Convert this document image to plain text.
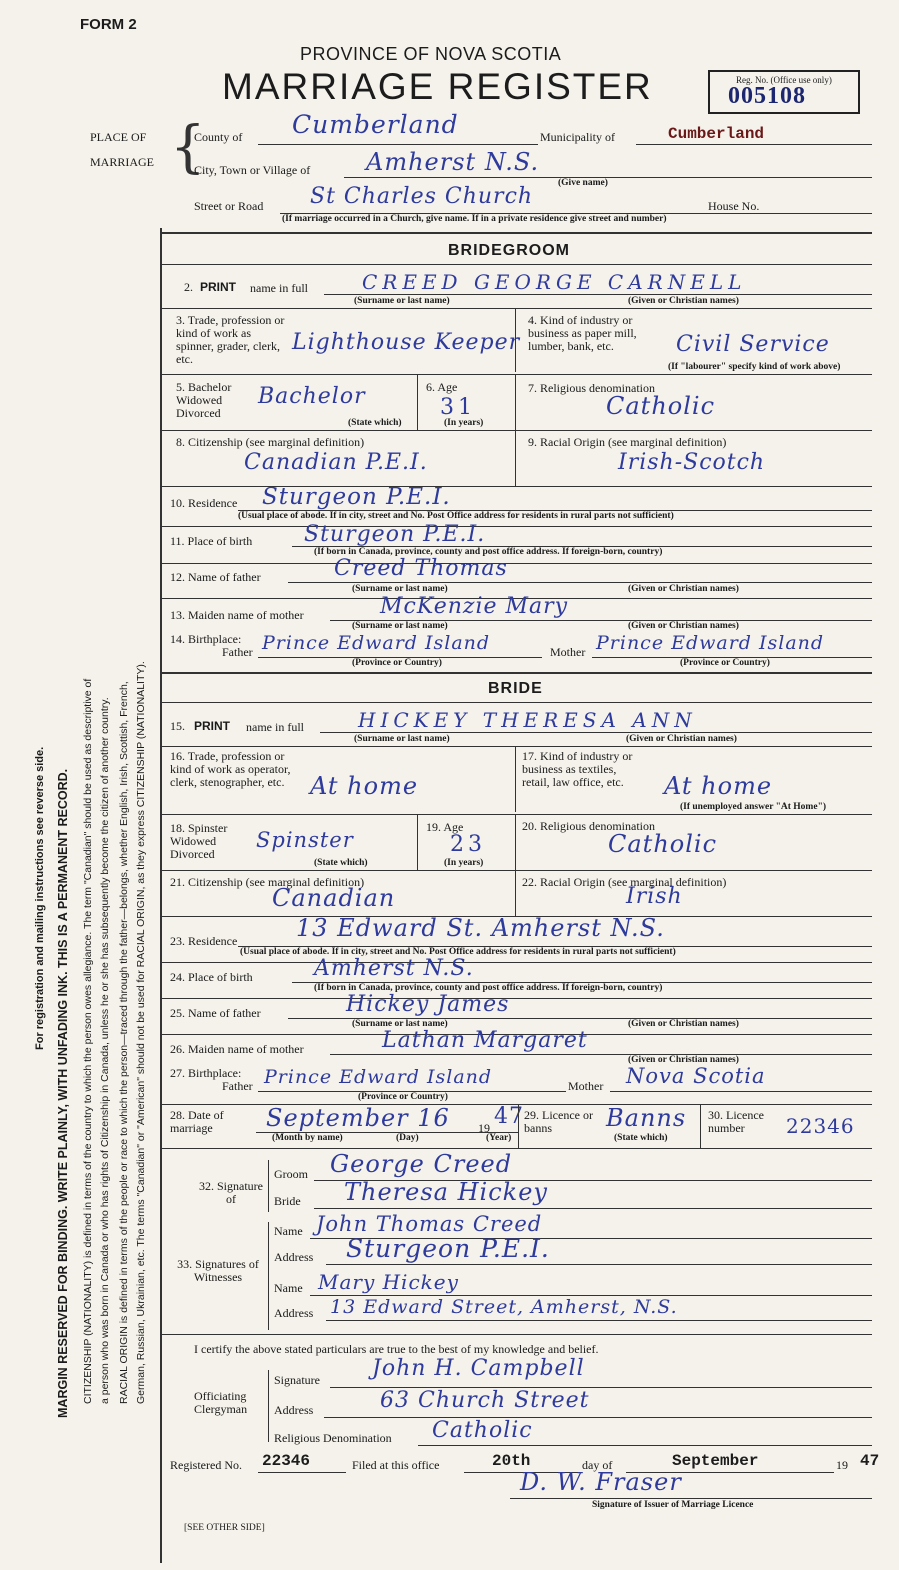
FORM 2
PROVINCE OF NOVA SCOTIA
MARRIAGE REGISTER	Reg. No. (Office use only)
005108
PLACE OF
MARRIAGE {
County of Cumberland	Municipality of	Cumberland
City, Town or Village of Amherst N.S.
(Give name)
Street or Road St Charles Church	House No.
(If marriage occurred in a Church, give name. If in a private residence give street and number)
BRIDEGROOM
2. PRINT name in full	CREED GEORGE CARNELL
(Surname or last name)	(Given or Christian names)
3. Trade, profession or kind of work as spinner, grader, clerk, etc.
Lighthouse Keeper
4. Kind of industry or business as paper mill, lumber, bank, etc.	Civil Service
(If "labourer" specify kind of work above)
5. Bachelor Widowed Divorced
Bachelor
(State which)
6. Age
31
(In years)
7. Religious denomination
Catholic
8. Citizenship (see marginal definition)
Canadian P.E.I.
9. Racial Origin (see marginal definition)
Irish-Scotch
10. Residence Sturgeon P.E.I.
(Usual place of abode. If in city, street and No. Post Office address for residents in rural parts not sufficient)
11. Place of birth Sturgeon P.E.I.
(If born in Canada, province, county and post office address. If foreign-born, country)
12. Name of father	Creed Thomas
(Surname or last name)	(Given or Christian names)
13. Maiden name of mother	McKenzie Mary
(Surname or last name)	(Given or Christian names)
14. Birthplace:
Father Prince Edward Island	Mother Prince Edward Island
(Province or Country)	(Province or Country)
BRIDE
15. PRINT name in full	HICKEY THERESA ANN
(Surname or last name)	(Given or Christian names)
16. Trade, profession or kind of work as operator, clerk, stenographer, etc.	At home
17. Kind of industry or business as textiles, retail, law office, etc.	At home
(If unemployed answer "At Home")
18. Spinster Widowed Divorced
Spinster
(State which)
19. Age
23
(In years)
20. Religious denomination
Catholic
21. Citizenship (see marginal definition)
Canadian
22. Racial Origin (see marginal definition)
Irish
23. Residence 13 Edward St. Amherst N.S.
(Usual place of abode. If in city, street and No. Post Office address for residents in rural parts not sufficient)
24. Place of birth	Amherst N.S.
(If born in Canada, province, county and post office address. If foreign-born, country)
25. Name of father	Hickey James
(Surname or last name)	(Given or Christian names)
26. Maiden name of mother	Lathan Margaret
(Given or Christian names)
27. Birthplace:
Father Prince Edward Island	Mother Nova Scotia
(Province or Country)
28. Date of marriage	September 16 19 47
(Month by name)	(Day)	(Year)
29. Licence or banns	Banns
(State which)
30. Licence number	22346
32. Signature of
Groom George Creed
Bride Theresa Hickey
33. Signatures of Witnesses
Name John Thomas Creed
Address Sturgeon P.E.I.
Name Mary Hickey
Address 13 Edward Street, Amherst, N.S.
I certify the above stated particulars are true to the best of my knowledge and belief.
Officiating Clergyman
Signature John H. Campbell
Address	63 Church Street
Religious Denomination Catholic
Registered No. 22346	Filed at this office	20th	day of	September	19 47
D. W. Fraser
Signature of Issuer of Marriage Licence
[SEE OTHER SIDE]
For registration and mailing instructions see reverse side. MARGIN RESERVED FOR BINDING. WRITE PLAINLY, WITH UNFADING INK. THIS IS A PERMANENT RECORD. CITIZENSHIP (NATIONALITY) is defined in terms of the country to which the person owes allegiance. The term "Canadian" should be used as descriptive of a person who was born in Canada or who has rights of Citizenship in Canada, unless he or she has subsequently become the citizen of another country. RACIAL ORIGIN is defined in terms of the people or race to which the person—traced through the father—belongs, whether English, Irish, Scottish, French, German, Russian, Ukrainian, etc. The terms "Canadian" or "American" should not be used for RACIAL ORIGIN, as they express CITIZENSHIP (NATIONALITY).
